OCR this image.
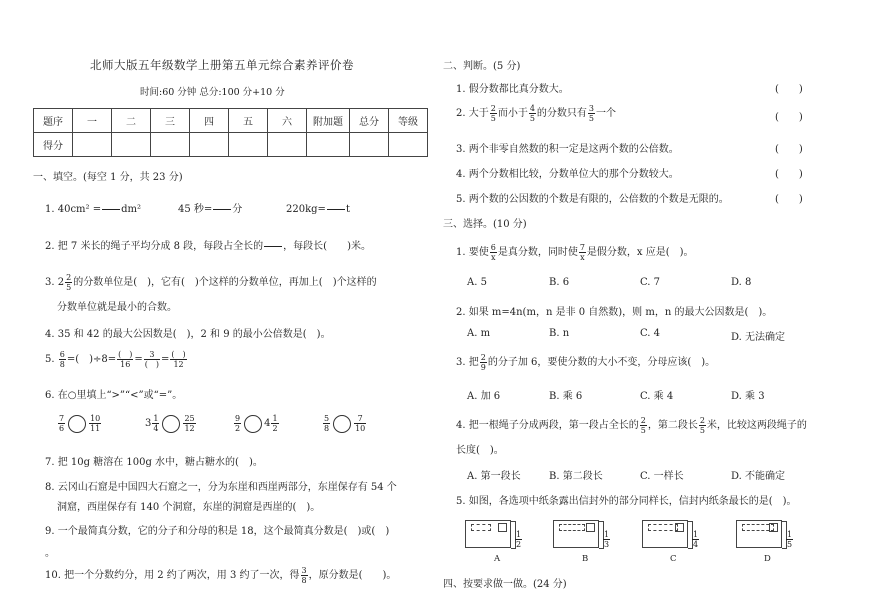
北师大版五年级数学上册第五单元综合素养评价卷
时间:60 分钟 总分:100 分+10 分
题序	一	二	三	四	五	六	附加题	总分	等级
得分									
一、填空。(每空 1 分，共 23 分)
1. 40cm² =

　　 dm²	45 秒=

　　 分	220kg=

　　 t
2. 把 7 米长的绳子平均分成 8 段，每段占全长的

　　 ，每段长(　　)米。
3. $2 \frac{2}{5}$ 的分数单位是(　)，它有(　)个这样的分数单位，再加上(　)个这样的
分数单位就是最小的合数。
4. 35 和 42 的最大公因数是(　)，2 和 9 的最小公倍数是(　)。
5. $\frac{6}{8}$ =(　)$\div 8= \frac{( )}{16} = \frac{3}{( )} = \frac{( )}{12}$
6. 在○里填上“>”“<”或“=”。
$\frac{7}{6}$	$\frac{10}{11}$	$3 \frac{1}{4}$	$\frac{25}{12}$	$\frac{9}{2} 4 \frac{1}{2}$	$\frac{5}{8}$	$\frac{7}{10}$
7. 把 10g 糖溶在 100g 水中，糖占糖水的(　)。
8. 云冈山石窟是中国四大石窟之一，分为东崖和西崖两部分，东崖保存有 54 个
洞窟，西崖保存有 140 个洞窟，东崖的洞窟是西崖的(　)。
9. 一个最简真分数，它的分子和分母的积是 18，这个最简真分数是(　)或(　)
。
10. 把一个分数约分，用 2 约了两次，用 3 约了一次，得 $\frac{3}{8}$ ，原分数是(　　)。
二、判断。(5 分)
1. 假分数都比真分数大。	(　　)
2. 大于 $\frac{2}{5}$ 而小于 $\frac{4}{5}$ 的分数只有 $\frac{3}{5}$ 一个	(　　)
3. 两个非零自然数的积一定是这两个数的公倍数。	(　　)
4. 两个分数相比较，分数单位大的那个分数较大。	(　　)
5. 两个数的公因数的个数是有限的，公倍数的个数是无限的。	(　　)
三、选择。(10 分)
1. 要使 $\frac{6}{x}$ 是真分数，同时使 $\frac{7}{x}$ 是假分数，x 应是(　)。
A. 5	B. 6	C. 7	D. 8
2. 如果 m=4n(m，n 是非 0 自然数)，则 m，n 的最大公因数是(　)。
A. m	B. n	C. 4	D. 无法确定
3. 把 $\frac{2}{9}$ 的分子加 6，要使分数的大小不变，分母应该(　)。
A. 加 6	B. 乘 6	C. 乘 4	D. 乘 3
4. 把一根绳子分成两段，第一段占全长的 $\frac{2}{5}$ ，第二段长 $\frac{2}{5}$ 米，比较这两段绳子的
长度(　)。
A. 第一段长	B. 第二段长	C. 一样长	D. 不能确定
5. 如图，各选项中纸条露出信封外的部分同样长，信封内纸条最长的是(　)。
$\frac{1}{2}$
A
$\frac{1}{3}$
B
$\frac{1}{4}$
C
$\frac{1}{5}$
D
四、按要求做一做。(24 分)
